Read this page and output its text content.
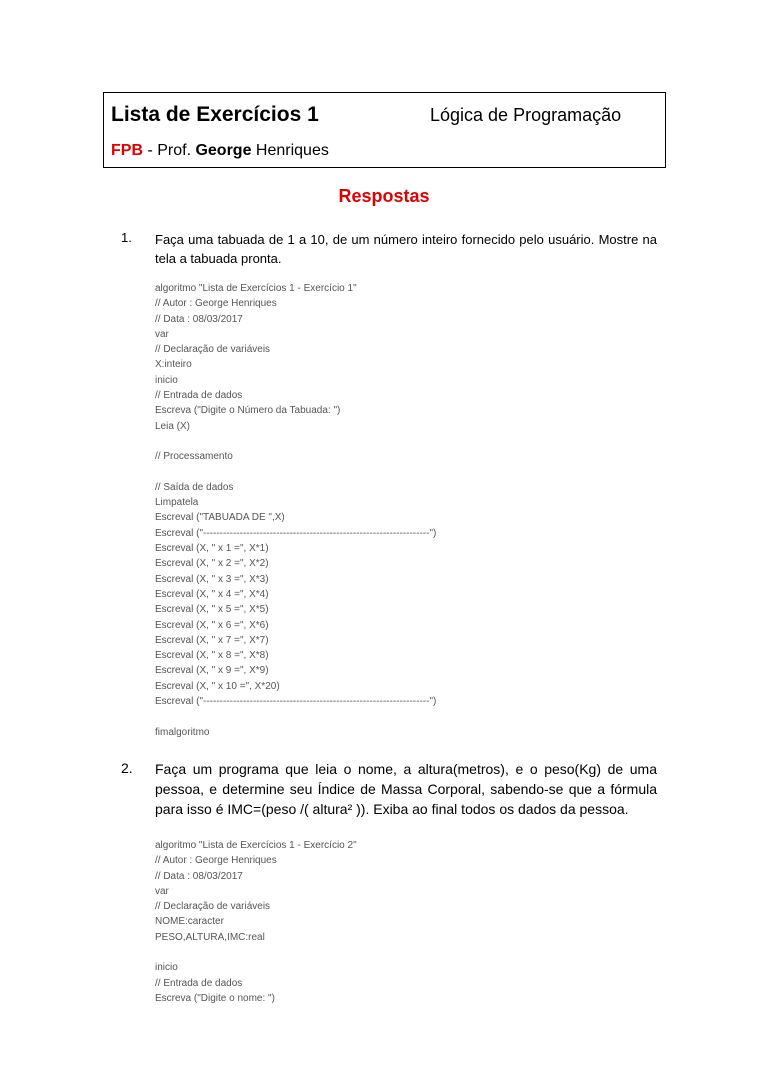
Lista de Exercícios 1	Lógica de Programação
FPB - Prof. George Henriques
Respostas
1. Faça uma tabuada de 1 a 10, de um número inteiro fornecido pelo usuário. Mostre na tela a tabuada pronta.
algoritmo "Lista de Exercícios 1 - Exercício 1"
// Autor : George Henriques
// Data : 08/03/2017
var
// Declaração de variáveis
X:inteiro
inicio
// Entrada de dados
Escreva ("Digite o Número da Tabuada: ")
Leia (X)
// Processamento
// Saída de dados
Limpatela
Escreval ("TABUADA DE ",X)
Escreval ("--------------------------------------------------------------------")
Escreval (X, " x 1 =", X*1)
Escreval (X, " x 2 =", X*2)
Escreval (X, " x 3 =", X*3)
Escreval (X, " x 4 =", X*4)
Escreval (X, " x 5 =", X*5)
Escreval (X, " x 6 =", X*6)
Escreval (X, " x 7 =", X*7)
Escreval (X, " x 8 =", X*8)
Escreval (X, " x 9 =", X*9)
Escreval (X, " x 10 =", X*20)
Escreval ("--------------------------------------------------------------------")
fimalgoritmo
2. Faça um programa que leia o nome, a altura(metros), e o peso(Kg) de uma pessoa, e determine seu Índice de Massa Corporal, sabendo-se que a fórmula para isso é IMC=(peso /( altura² )). Exiba ao final todos os dados da pessoa.
algoritmo "Lista de Exercícios 1 - Exercício 2"
// Autor : George Henriques
// Data : 08/03/2017
var
// Declaração de variáveis
NOME:caracter
PESO,ALTURA,IMC:real
inicio
// Entrada de dados
Escreva ("Digite o nome: ")
